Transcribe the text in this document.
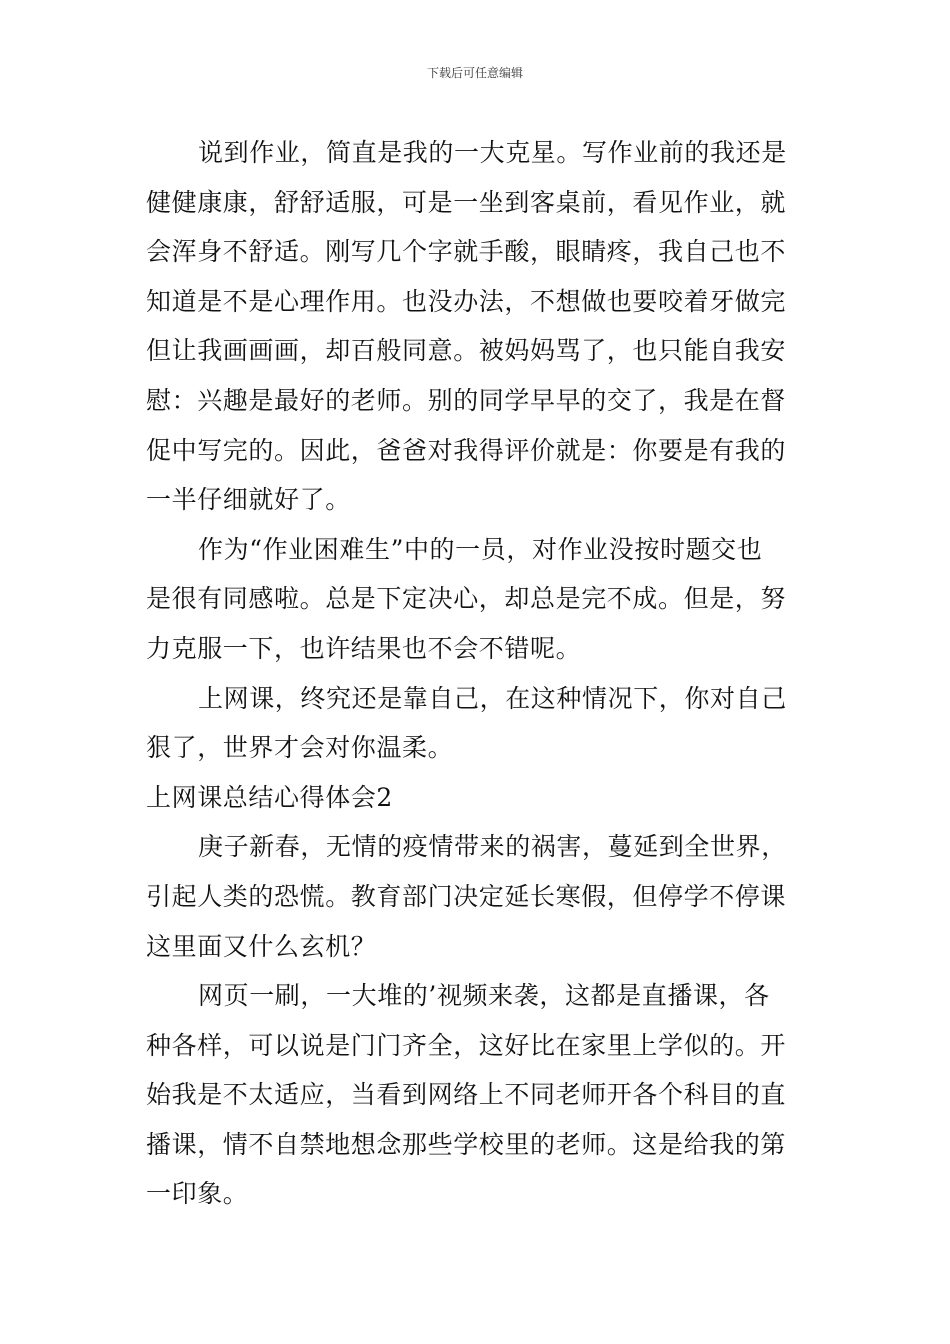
下载后可任意编辑
说到作业，简直是我的一大克星。写作业前的我还是
健健康康，舒舒适服，可是一坐到客桌前，看见作业，就
会浑身不舒适。刚写几个字就手酸，眼睛疼，我自己也不
知道是不是心理作用。也没办法，不想做也要咬着牙做完
但让我画画画，却百般同意。被妈妈骂了，也只能自我安
慰：兴趣是最好的老师。别的同学早早的交了，我是在督
促中写完的。因此，爸爸对我得评价就是：你要是有我的
一半仔细就好了。
作为“作业困难生”中的一员，对作业没按时题交也
是很有同感啦。总是下定决心，却总是完不成。但是，努
力克服一下，也许结果也不会不错呢。
上网课，终究还是靠自己，在这种情况下，你对自己
狠了，世界才会对你温柔。
上网课总结心得体会2
庚子新春，无情的疫情带来的祸害，蔓延到全世界，
引起人类的恐慌。教育部门决定延长寒假，但停学不停课
这里面又什么玄机？
网页一刷，一大堆的’视频来袭，这都是直播课，各
种各样，可以说是门门齐全，这好比在家里上学似的。开
始我是不太适应，当看到网络上不同老师开各个科目的直
播课，情不自禁地想念那些学校里的老师。这是给我的第
一印象。
